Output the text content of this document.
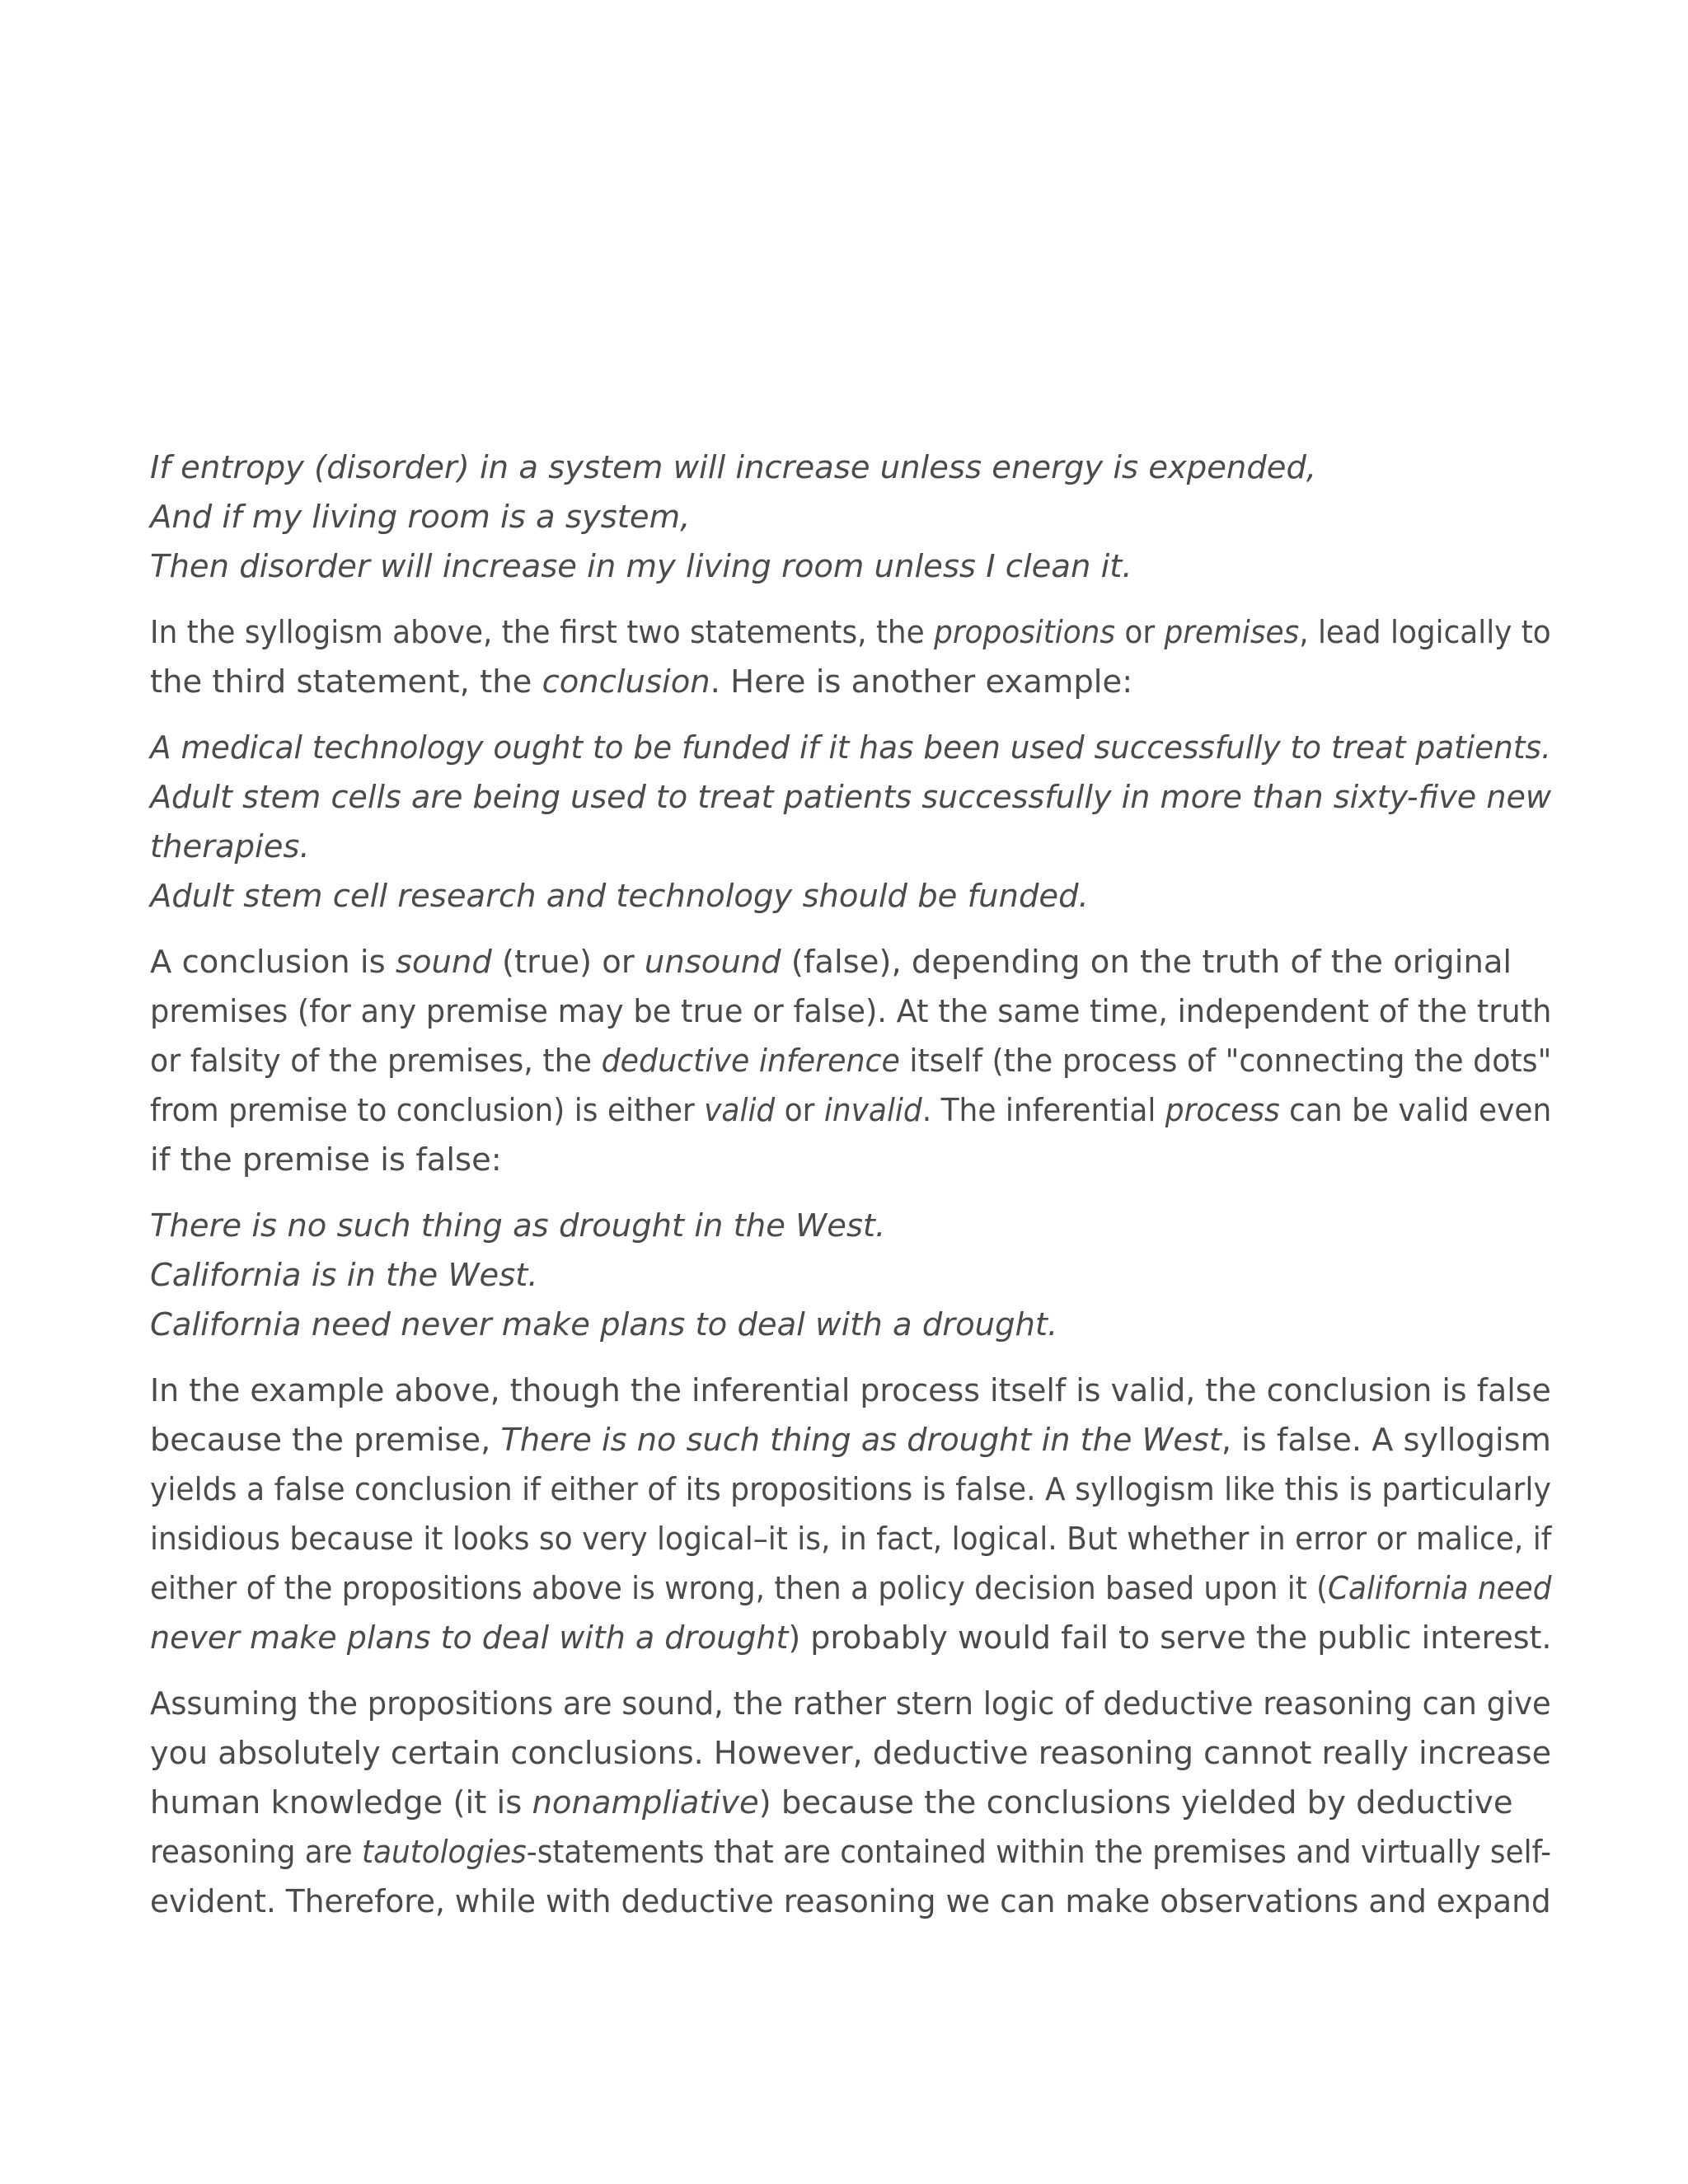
If entropy (disorder) in a system will increase unless energy is expended,
And if my living room is a system,
Then disorder will increase in my living room unless I clean it.
In the syllogism above, the first two statements, the propositions or premises, lead logically to
the third statement, the conclusion. Here is another example:
A medical technology ought to be funded if it has been used successfully to treat patients.
Adult stem cells are being used to treat patients successfully in more than sixty-five new
therapies.
Adult stem cell research and technology should be funded.
A conclusion is sound (true) or unsound (false), depending on the truth of the original
premises (for any premise may be true or false). At the same time, independent of the truth
or falsity of the premises, the deductive inference itself (the process of "connecting the dots"
from premise to conclusion) is either valid or invalid. The inferential process can be valid even
if the premise is false:
There is no such thing as drought in the West.
California is in the West.
California need never make plans to deal with a drought.
In the example above, though the inferential process itself is valid, the conclusion is false
because the premise, There is no such thing as drought in the West, is false. A syllogism
yields a false conclusion if either of its propositions is false. A syllogism like this is particularly
insidious because it looks so very logical–it is, in fact, logical. But whether in error or malice, if
either of the propositions above is wrong, then a policy decision based upon it (California need
never make plans to deal with a drought) probably would fail to serve the public interest.
Assuming the propositions are sound, the rather stern logic of deductive reasoning can give
you absolutely certain conclusions. However, deductive reasoning cannot really increase
human knowledge (it is nonampliative) because the conclusions yielded by deductive
reasoning are tautologies-statements that are contained within the premises and virtually self-
evident. Therefore, while with deductive reasoning we can make observations and expand
